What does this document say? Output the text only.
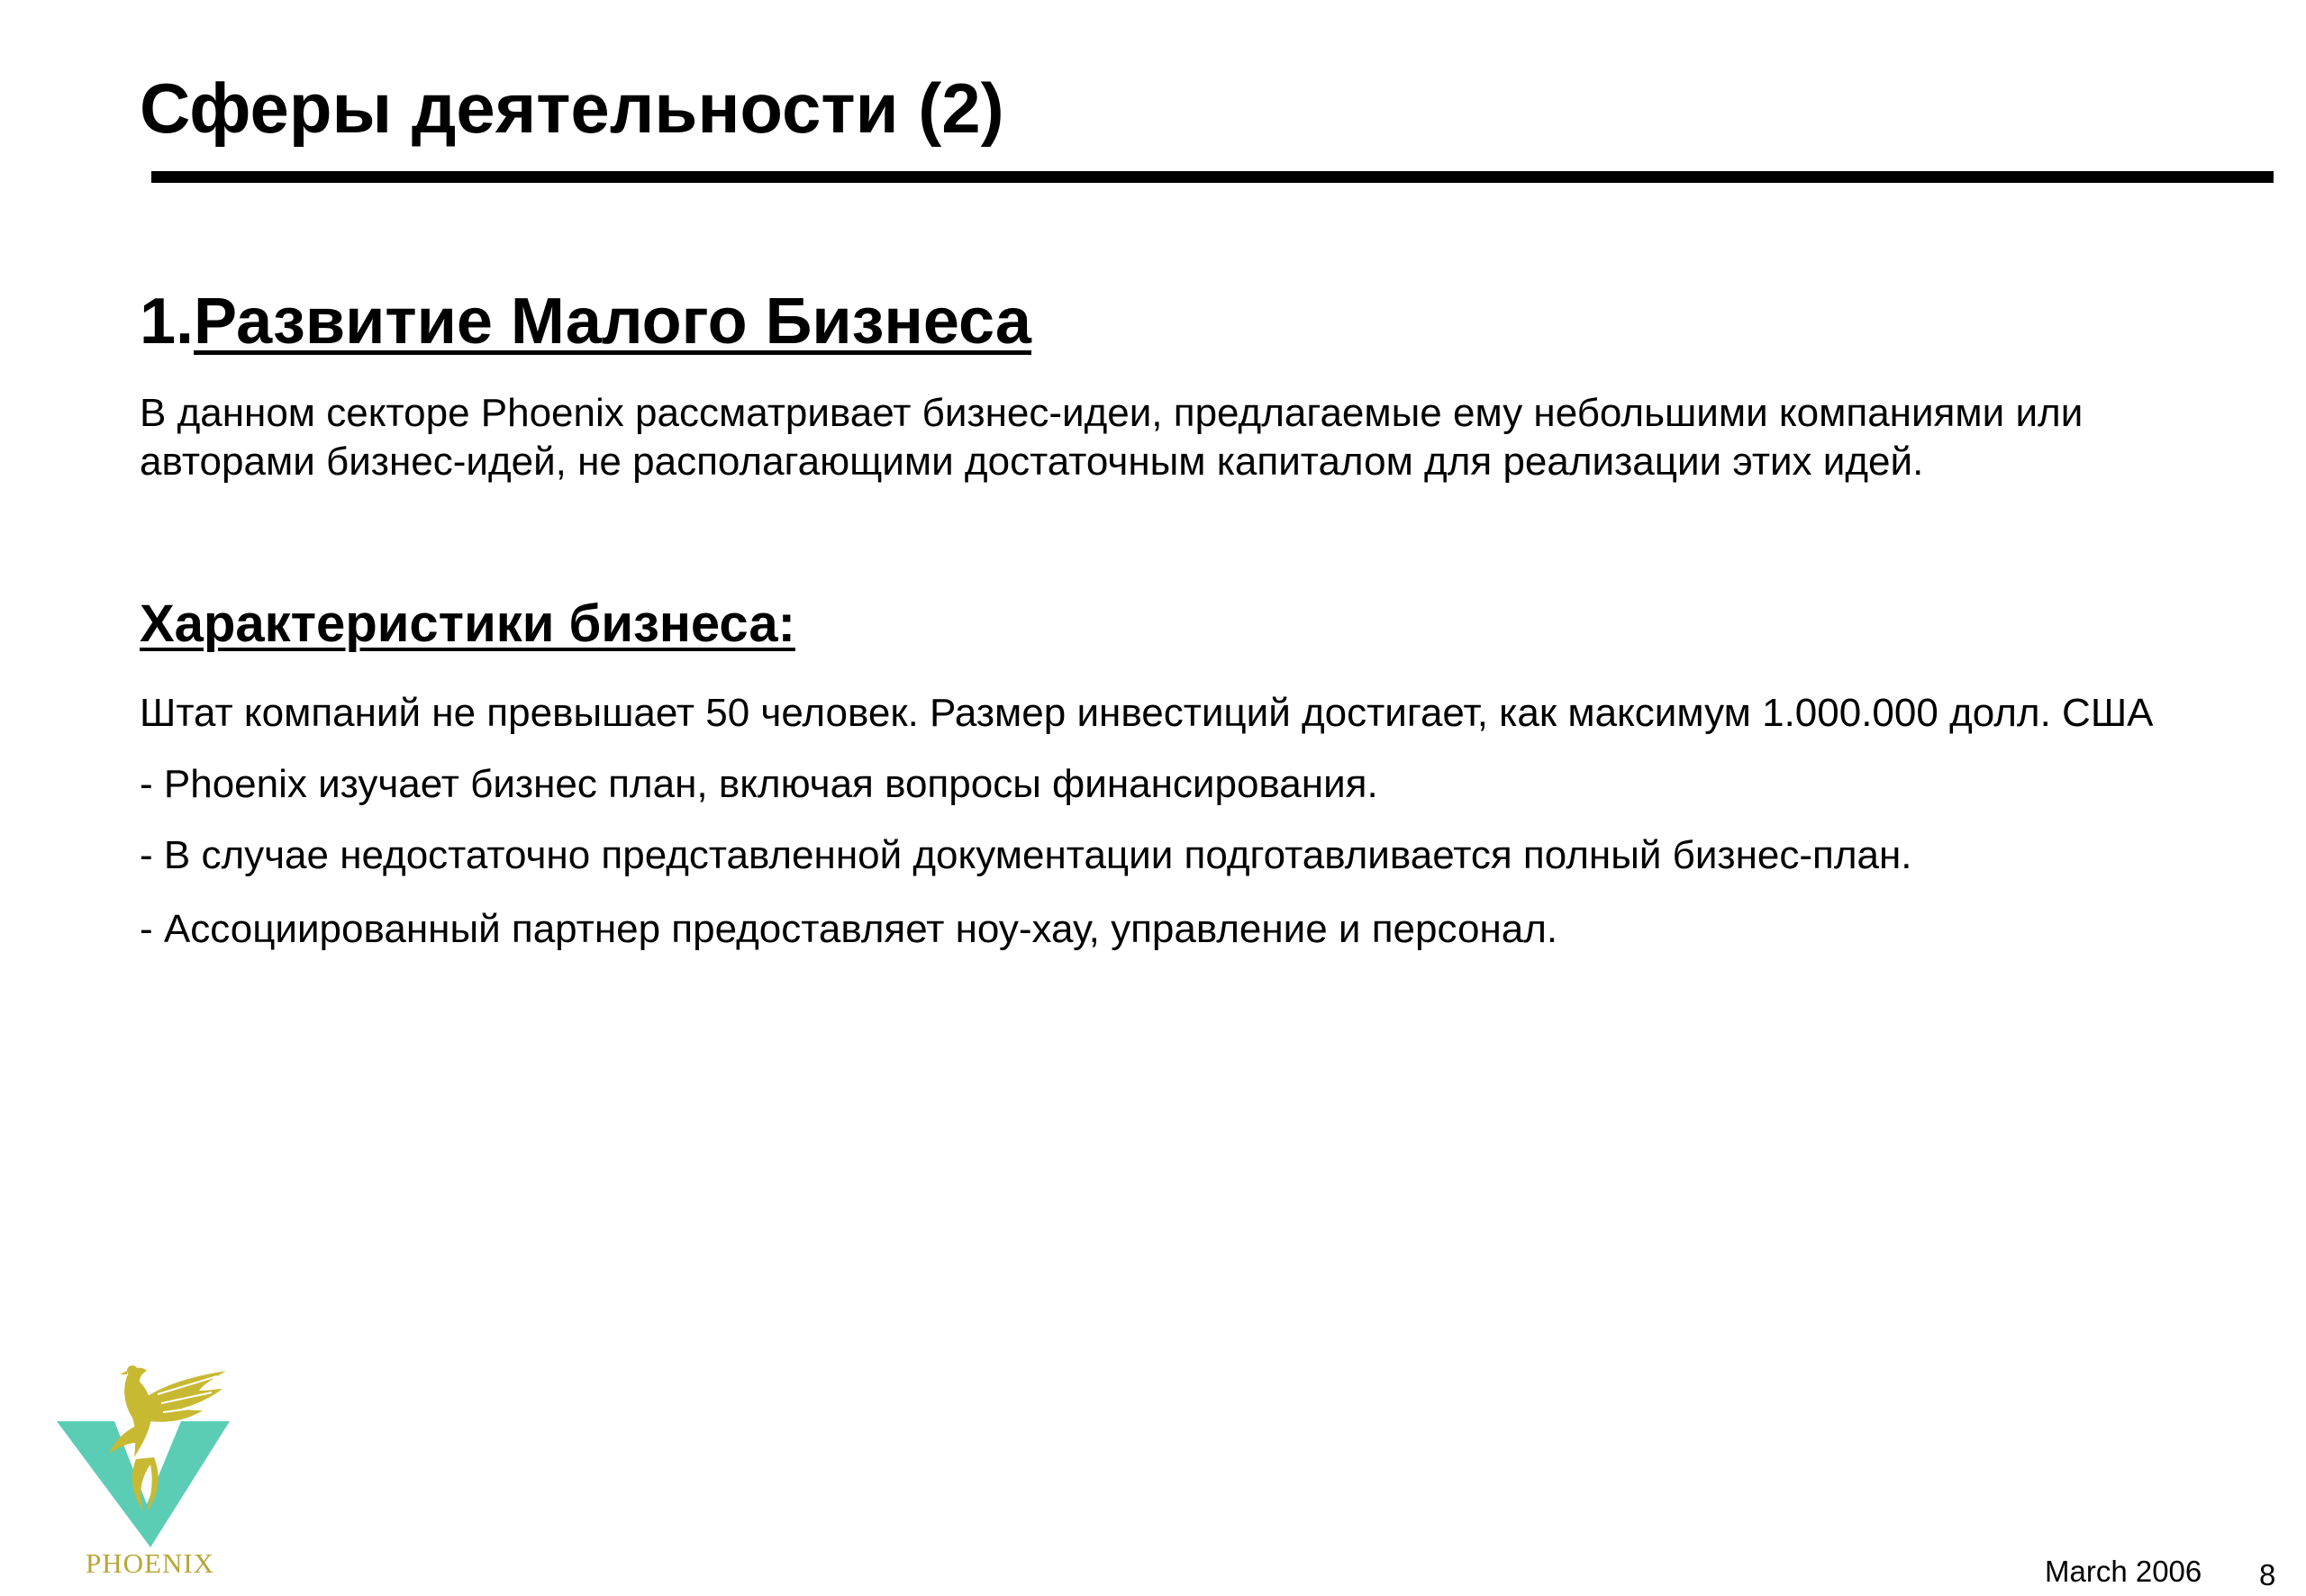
Сферы деятельности (2)
1.Развитие Малого Бизнеса

В данном секторе Phoenix рассматривает бизнес-идеи, предлагаемые ему небольшими компаниями или авторами бизнес-идей, не располагающими достаточным капиталом для реализации этих идей.

Характеристики бизнеса:

Штат компаний не превышает 50 человек. Размер инвестиций достигает, как максимум 1.000.000 долл. США

- Phoenix изучает бизнес план, включая вопросы финансирования.

- В случае недостаточно представленной документации подготавливается полный бизнес-план.

- Ассоциированный партнер предоставляет ноу-хау, управление и персонал.

PHOENIX	March 2006 8
